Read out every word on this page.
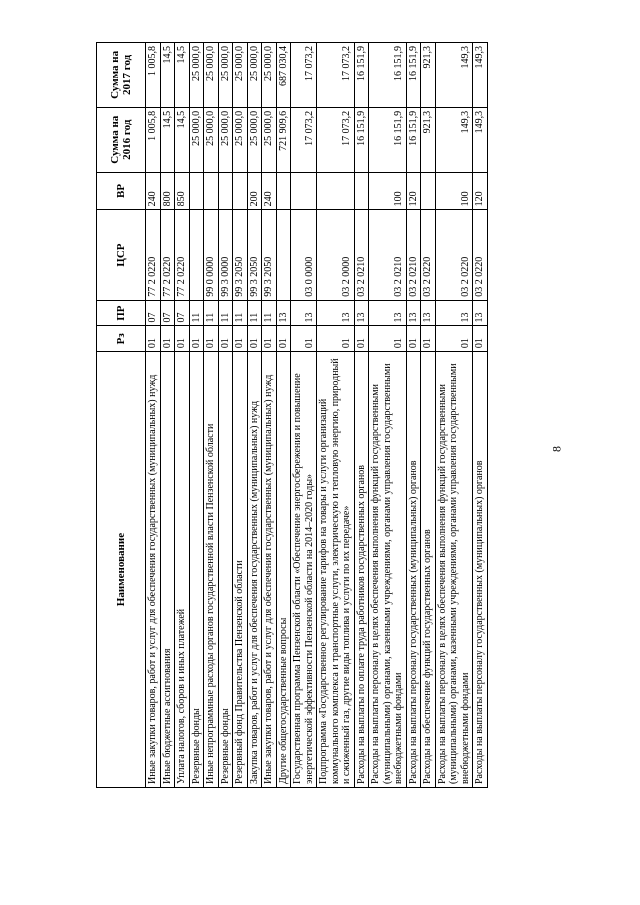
8
Наименование	Рз	ПР	ЦСР	ВР	Сумма на 2016 год	Сумма на 2017 год
Иные закупки товаров, работ и услуг для обеспечения государственных (муниципальных) нужд	01	07	77 2 0220	240	1 005,8	1 005,8
Иные бюджетные ассигнования	01	07	77 2 0220	800	14,5	14,5
Уплата налогов, сборов и иных платежей	01	07	77 2 0220	850	14,5	14,5
Резервные фонды	01	11			25 000,0	25 000,0
Иные непрограммные расходы органов государственной власти Пензенской области	01	11	99 0 0000		25 000,0	25 000,0
Резервные фонды	01	11	99 3 0000		25 000,0	25 000,0
Резервный фонд Правительства Пензенской области	01	11	99 3 2050		25 000,0	25 000,0
Закупка товаров, работ и услуг для обеспечения государственных (муниципальных) нужд	01	11	99 3 2050	200	25 000,0	25 000,0
Иные закупки товаров, работ и услуг для обеспечения государственных (муниципальных) нужд	01	11	99 3 2050	240	25 000,0	25 000,0
Другие общегосударственные вопросы	01	13			721 909,6	687 030,4
Государственная программа Пензенской области «Обеспечение энергосбережения и повышение энергетической эффективности Пензенской области на 2014–2020 годы»	01	13	03 0 0000		17 073,2	17 073,2
Подпрограмма «Государственное регулирование тарифов на товары и услуги организаций коммунального комплекса и транспортные услуги, электрическую и тепловую энергию, природный и сжиженный газ, другие виды топлива и услуги по их передаче»	01	13	03 2 0000		17 073,2	17 073,2
Расходы на выплаты по оплате труда работников государственных органов	01	13	03 2 0210		16 151,9	16 151,9
Расходы на выплаты персоналу в целях обеспечения выполнения функций государственными (муниципальными) органами, казенными учреждениями, органами управления государственными внебюджетными фондами	01	13	03 2 0210	100	16 151,9	16 151,9
Расходы на выплаты персоналу государственных (муниципальных) органов	01	13	03 2 0210	120	16 151,9	16 151,9
Расходы на обеспечение функций государственных органов	01	13	03 2 0220		921,3	921,3
Расходы на выплаты персоналу в целях обеспечения выполнения функций государственными (муниципальными) органами, казенными учреждениями, органами управления государственными внебюджетными фондами	01	13	03 2 0220	100	149,3	149,3
Расходы на выплаты персоналу государственных (муниципальных) органов	01	13	03 2 0220	120	149,3	149,3
